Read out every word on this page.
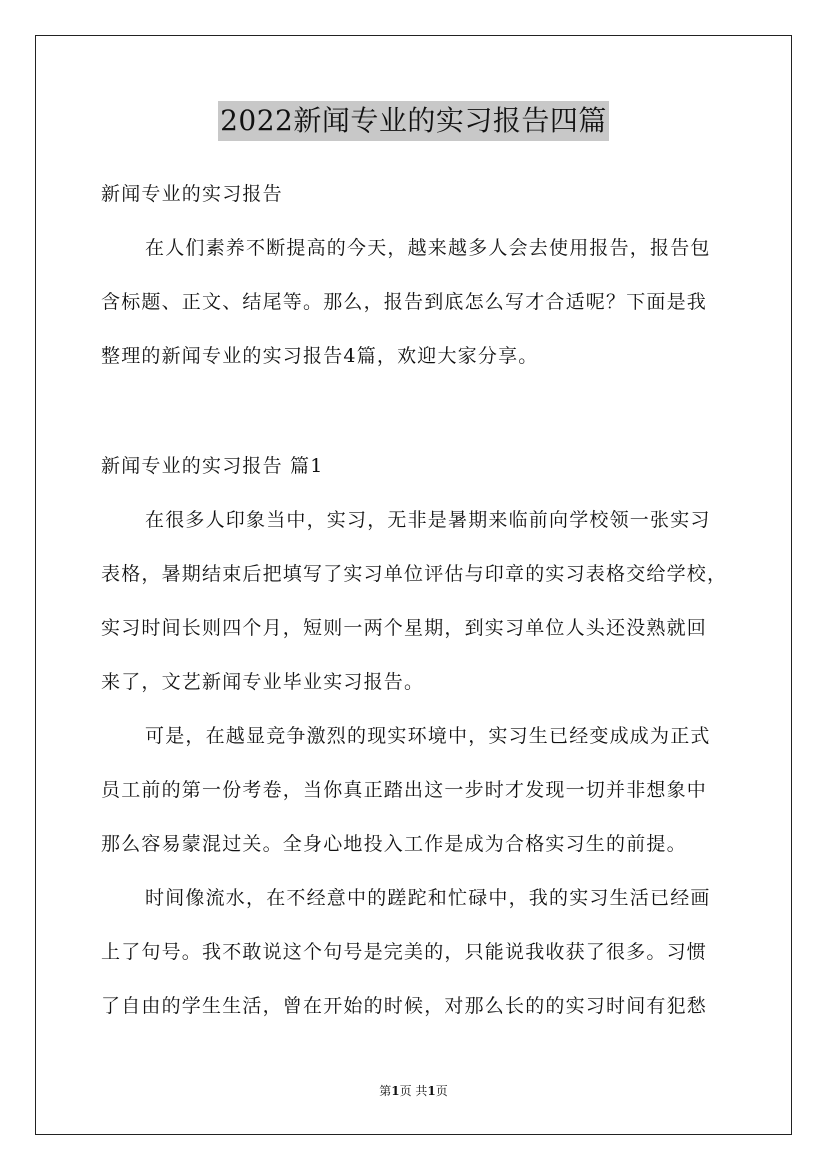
2022新闻专业的实习报告四篇
新闻专业的实习报告
在人们素养不断提高的今天，越来越多人会去使用报告，报告包
含标题、正文、结尾等。那么，报告到底怎么写才合适呢？下面是我
整理的新闻专业的实习报告4篇，欢迎大家分享。
新闻专业的实习报告 篇1
在很多人印象当中，实习，无非是暑期来临前向学校领一张实习
表格，暑期结束后把填写了实习单位评估与印章的实习表格交给学校，
实习时间长则四个月，短则一两个星期，到实习单位人头还没熟就回
来了，文艺新闻专业毕业实习报告。
可是，在越显竞争激烈的现实环境中，实习生已经变成成为正式
员工前的第一份考卷，当你真正踏出这一步时才发现一切并非想象中
那么容易蒙混过关。全身心地投入工作是成为合格实习生的前提。
时间像流水，在不经意中的蹉跎和忙碌中，我的实习生活已经画
上了句号。我不敢说这个句号是完美的，只能说我收获了很多。习惯
了自由的学生生活，曾在开始的时候，对那么长的的实习时间有犯愁
第1页 共1页
